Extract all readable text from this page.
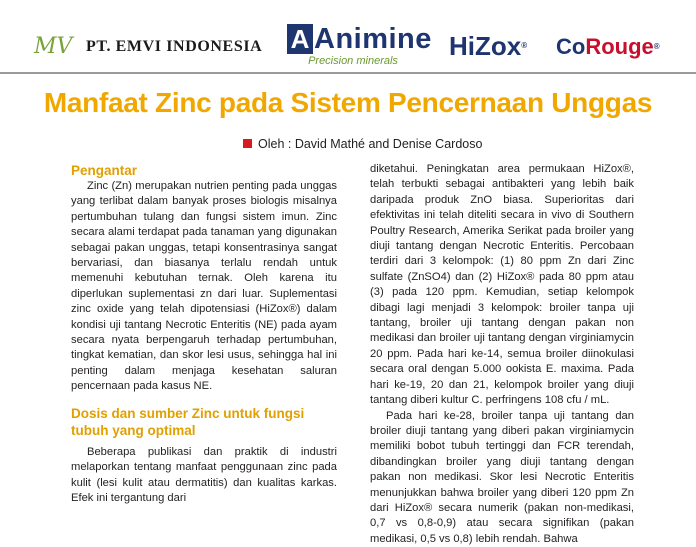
MV PT. EMVI INDONESIA A Animine
Precision minerals	HiZox® CoRouge®
Manfaat Zinc pada Sistem Pencernaan Unggas
Oleh : David Mathé and Denise Cardoso
Pengantar

Zinc (Zn) merupakan nutrien penting pada unggas yang terlibat dalam banyak proses biologis misalnya pertumbuhan tulang dan fungsi sistem imun. Zinc secara alami terdapat pada tanaman yang digunakan sebagai pakan unggas, tetapi konsentrasinya sangat bervariasi, dan biasanya terlalu rendah untuk memenuhi kebutuhan ternak. Oleh karena itu diperlukan suplementasi zn dari luar. Suplementasi zinc oxide yang telah dipotensiasi (HiZox®) dalam kondisi uji tantang Necrotic Enteritis (NE) pada ayam secara nyata berpengaruh terhadap pertumbuhan, tingkat kematian, dan skor lesi usus, sehingga hal ini penting dalam menjaga kesehatan saluran pencernaan pada kasus NE.

Dosis dan sumber Zinc untuk fungsi tubuh yang optimal

Beberapa publikasi dan praktik di industri melaporkan tentang manfaat penggunaan zinc pada kulit (lesi kulit atau dermatitis) dan kualitas karkas. Efek ini tergantung dari

diketahui. Peningkatan area permukaan HiZox®, telah terbukti sebagai antibakteri yang lebih baik daripada produk ZnO biasa. Superioritas dari efektivitas ini telah diteliti secara in vivo di Southern Poultry Research, Amerika Serikat pada broiler yang diuji tantang dengan Necrotic Enteritis. Percobaan terdiri dari 3 kelompok: (1) 80 ppm Zn dari Zinc sulfate (ZnSO4) dan (2) HiZox® pada 80 ppm atau (3) pada 120 ppm. Kemudian, setiap kelompok dibagi lagi menjadi 3 kelompok: broiler tanpa uji tantang, broiler uji tantang dengan pakan non medikasi dan broiler uji tantang dengan virginiamycin 20 ppm. Pada hari ke-14, semua broiler diinokulasi secara oral dengan 5.000 ookista E. maxima. Pada hari ke-19, 20 dan 21, kelompok broiler yang diuji tantang diberi kultur C. perfringens 108 cfu / mL.

Pada hari ke-28, broiler tanpa uji tantang dan broiler diuji tantang yang diberi pakan virginiamycin memiliki bobot tubuh tertinggi dan FCR terendah, dibandingkan broiler yang diuji tantang dengan pakan non medikasi. Skor lesi Necrotic Enteritis menunjukkan bahwa broiler yang diberi 120 ppm Zn dari HiZox® secara numerik (pakan non-medikasi, 0,7 vs 0,8-0,9) atau secara signifikan (pakan medikasi, 0,5 vs 0,8) lebih rendah. Bahwa
